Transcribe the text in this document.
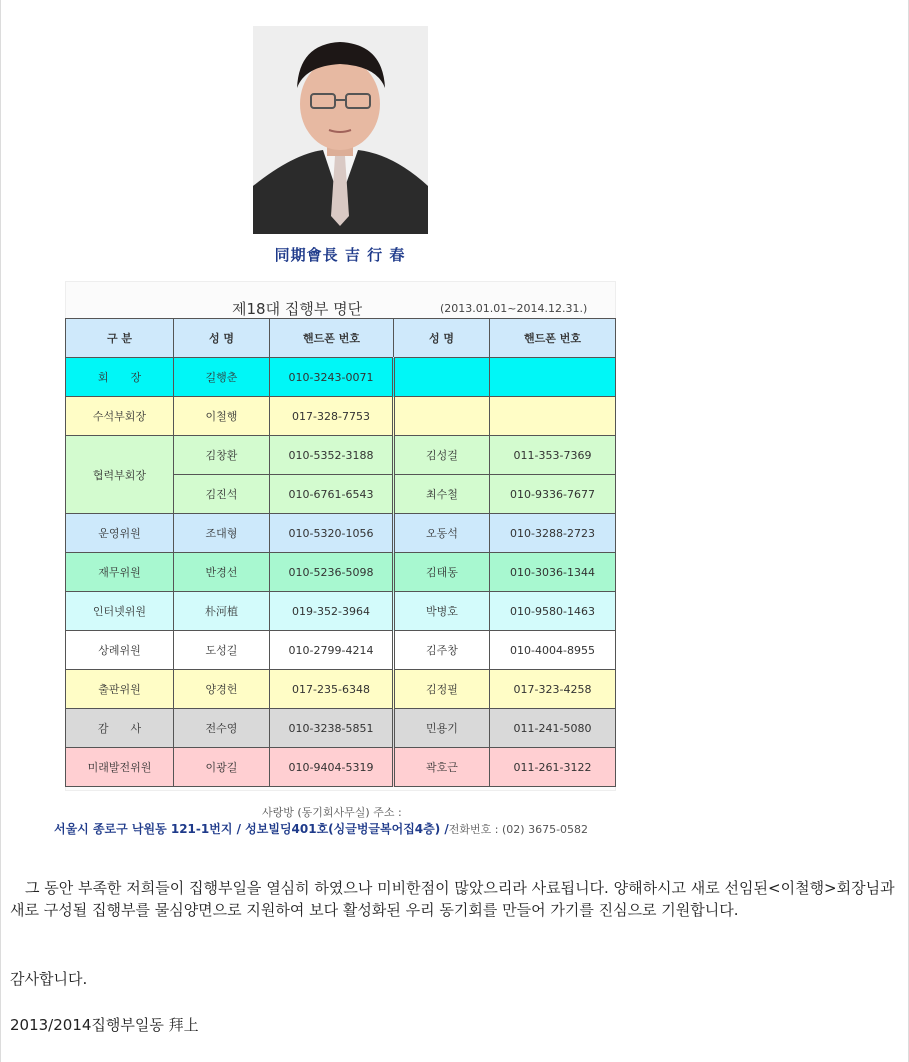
同期會長 吉 行 春
제18대 집행부 명단	(2013.01.01~2014.12.31.)
구 분	성 명	핸드폰 번호	성 명	핸드폰 번호
회　　장	길행춘	010-3243-0071		
수석부회장	이철행	017-328-7753		
협력부회장	김창환	010-5352-3188	김성걸	011-353-7369
	김진석	010-6761-6543	최수철	010-9336-7677
운영위원	조대형	010-5320-1056	오동석	010-3288-2723
재무위원	반경선	010-5236-5098	김태동	010-3036-1344
인터넷위원	朴河植	019-352-3964	박병호	010-9580-1463
상례위원	도성길	010-2799-4214	김주창	010-4004-8955
출판위원	양경헌	017-235-6348	김정필	017-323-4258
감　　사	전수영	010-3238-5851	민용기	011-241-5080
미래발전위원	이광길	010-9404-5319	곽호근	011-261-3122
사랑방 (동기회사무실) 주소 :
서울시 종로구 낙원동 121-1번지 / 성보빌딩401호(싱글벙글복어집4층) /전화번호 : (02) 3675-0582
　그 동안 부족한 저희들이 집행부일을 열심히 하였으나 미비한점이 많았으리라 사료됩니다. 양해하시고 새로 선임된<이철행>회장님과 새로 구성될 집행부를 물심양면으로 지원하여 보다 활성화된 우리 동기회를 만들어 가기를 진심으로 기원합니다.
감사합니다.
2013/2014집행부일동 拜上
